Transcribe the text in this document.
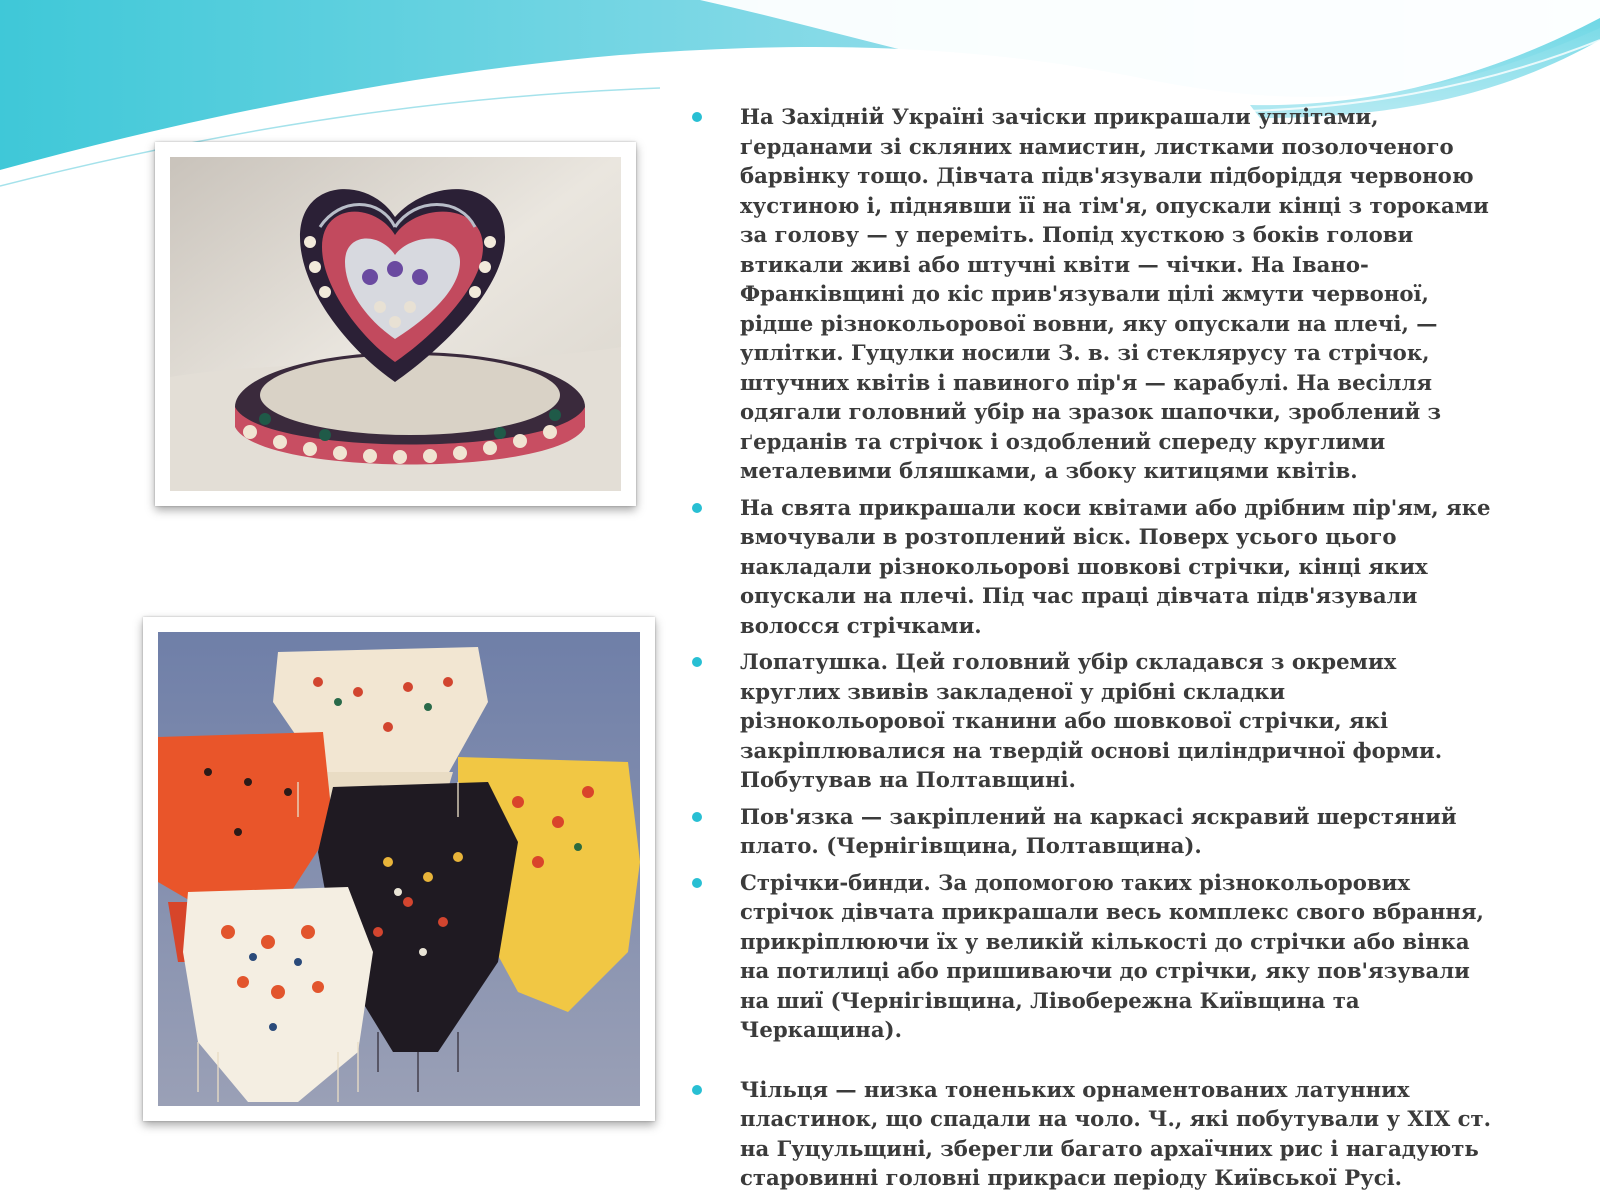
На Західній Україні зачіски прикрашали уплітами, ґерданами зі скляних намистин, листками позолоченого барвінку тощо. Дівчата підв'язували підборіддя червоною хустиною і, піднявши її на тім'я, опускали кінці з тороками за голову — у переміть. Попід хусткою з боків голови втикали живі або штучні квіти — чічки. На Івано-Франківщині до кіс прив'язували цілі жмути червоної, рідше різнокольорової вовни, яку опускали на плечі, — уплітки. Гуцулки носили З. в. зі стеклярусу та стрічок, штучних квітів і павиного пір'я — карабулі. На весілля одягали головний убір на зразок шапочки, зроблений з ґерданів та стрічок і оздоблений спереду круглими металевими бляшками, а збоку китицями квітів.
На свята прикрашали коси квітами або дрібним пір'ям, яке вмочували в розтоплений віск. Поверх усього цього накладали різнокольорові шовкові стрічки, кінці яких опускали на плечі. Під час праці дівчата підв'язували волосся стрічками.
Лопатушка. Цей головний убір складався з окремих круглих звивів закладеної у дрібні складки різнокольорової тканини або шовкової стрічки, які закріплювалися на твердій основі циліндричної форми. Побутував на Полтавщині.
Пов'язка — закріплений на каркасі яскравий шерстяний плато. (Чернігівщина, Полтавщина).
Стрічки-бинди. За допомогою таких різнокольорових стрічок дівчата прикрашали весь комплекс свого вбрання, прикріплюючи їх у великій кількості до стрічки або вінка на потилиці або пришиваючи до стрічки, яку пов'язували на шиї (Чернігівщина, Лівобережна Київщина та Черкащина).
Чільця — низка тоненьких орнаментованих латунних пластинок, що спадали на чоло. Ч., які побутували у XIX ст. на Гуцульщині, зберегли багато архаїчних рис і нагадують старовинні головні прикраси періоду Київської Русі.
